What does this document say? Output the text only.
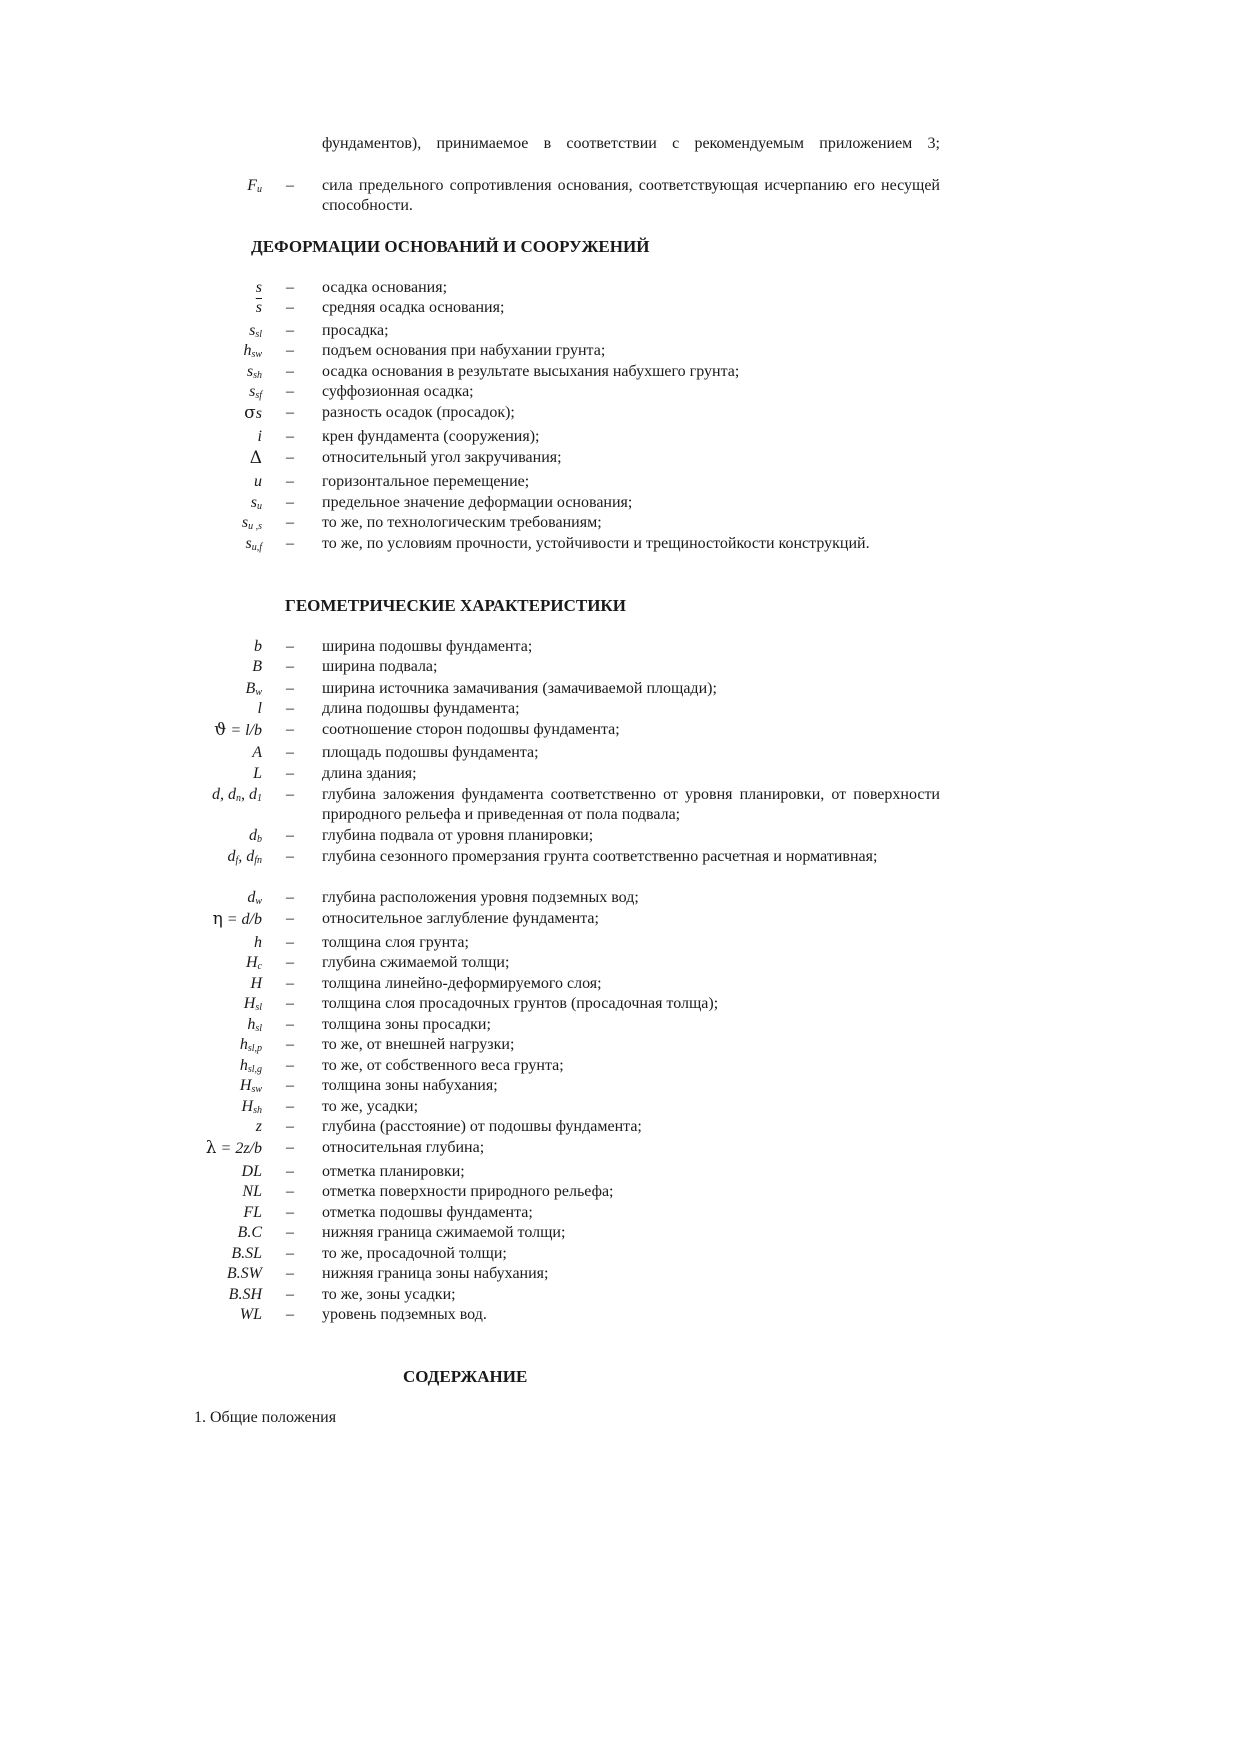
фундаментов), принимаемое в соответствии с рекомендуемым приложением 3;
$F_u$ – сила предельного сопротивления основания, соответствующая исчерпанию его несущей способности.
ДЕФОРМАЦИИ ОСНОВАНИЙ И СООРУЖЕНИЙ
s – осадка основания;
$\overline{s}$ – средняя осадка основания;
$s_{sl}$ – просадка;
$h_{sw}$ – подъем основания при набухании грунта;
$s_{sh}$ – осадка основания в результате высыхания набухшего грунта;
$s_{sf}$ – суффозионная осадка;
σs – разность осадок (просадок);
i – крен фундамента (сооружения);
Δ – относительный угол закручивания;
u – горизонтальное перемещение;
$s_u$ – предельное значение деформации основания;
$s_{u ,s}$ – то же, по технологическим требованиям;
$s_{u,f}$ – то же, по условиям прочности, устойчивости и трещиностойкости конструкций.
ГЕОМЕТРИЧЕСКИЕ ХАРАКТЕРИСТИКИ
b – ширина подошвы фундамента;
B – ширина подвала;
$B_w$ – ширина источника замачивания (замачиваемой площади);
l – длина подошвы фундамента;
ϑ = l/b – соотношение сторон подошвы фундамента;
A – площадь подошвы фундамента;
L – длина здания;
d, $d_n$, $d_1$ – глубина заложения фундамента соответственно от уровня планировки, от поверхности природного рельефа и приведенная от пола подвала;
$d_b$ – глубина подвала от уровня планировки;
$d_f$, $d_{fn}$ – глубина сезонного промерзания грунта соответственно расчетная и нормативная;
$d_w$ – глубина расположения уровня подземных вод;
η = d/b – относительное заглубление фундамента;
h – толщина слоя грунта;
$H_c$ – глубина сжимаемой толщи;
H – толщина линейно-деформируемого слоя;
$H_{sl}$ – толщина слоя просадочных грунтов (просадочная толща);
$h_{sl}$ – толщина зоны просадки;
$h_{sl,p}$ – то же, от внешней нагрузки;
$h_{sl,g}$ – то же, от собственного веса грунта;
$H_{sw}$ – толщина зоны набухания;
$H_{sh}$ – то же, усадки;
z – глубина (расстояние) от подошвы фундамента;
λ = 2z/b – относительная глубина;
DL – отметка планировки;
NL – отметка поверхности природного рельефа;
FL – отметка подошвы фундамента;
B.C – нижняя граница сжимаемой толщи;
B.SL – то же, просадочной толщи;
B.SW – нижняя граница зоны набухания;
B.SH – то же, зоны усадки;
WL – уровень подземных вод.
СОДЕРЖАНИЕ
1. Общие положения
